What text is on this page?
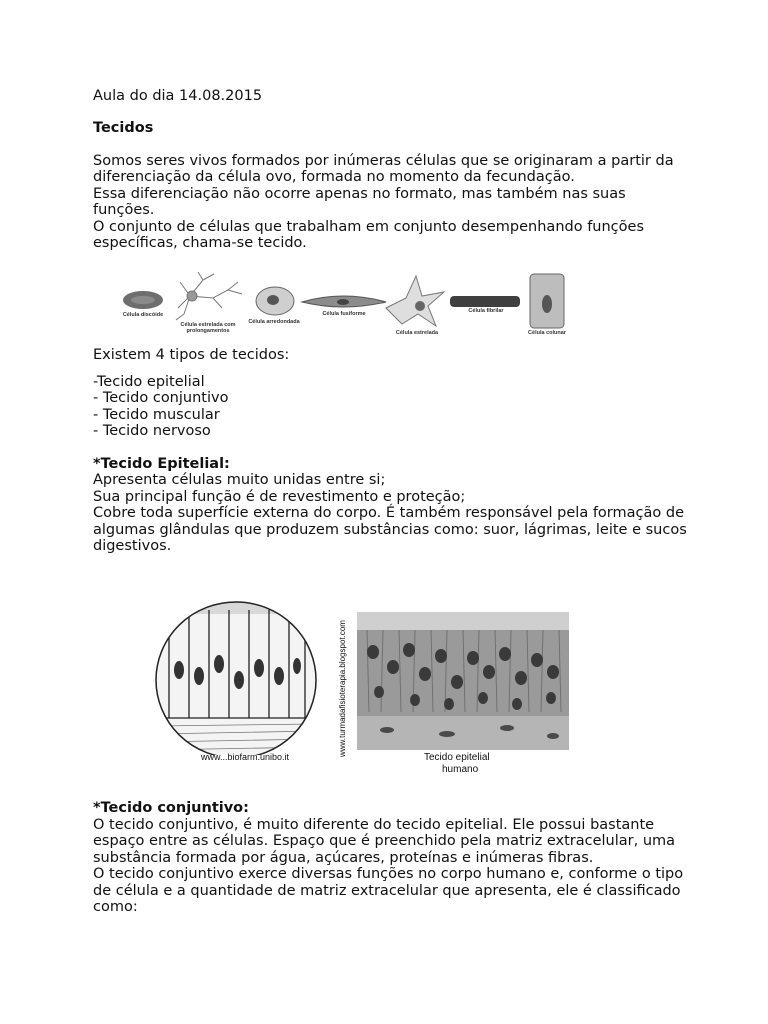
Aula do dia 14.08.2015
Tecidos
Somos seres vivos formados por inúmeras células que se originaram a partir da
diferenciação da célula ovo, formada no momento da fecundação.
Essa diferenciação não ocorre apenas no formato, mas também nas suas
funções.
O conjunto de células que trabalham em conjunto desempenhando funções
específicas, chama-se tecido.
Célula discóide
Célula estrelada com
prolongamentos
Célula arredondada
Célula fusiforme
Célula estrelada
Célula fibrilar
Célula colunar
Existem 4 tipos de tecidos:
-Tecido epitelial
- Tecido conjuntivo
- Tecido muscular
- Tecido nervoso
*Tecido Epitelial:
Apresenta células muito unidas entre si;
Sua principal função é de revestimento e proteção;
Cobre toda superfície externa do corpo. É também responsável pela formação de
algumas glândulas que produzem substâncias como: suor, lágrimas, leite e sucos
digestivos.
www...biofarm.unibo.it	www.turmadafisioterapia.blogspot.com
Tecido epitelial
humano
*Tecido conjuntivo:
O tecido conjuntivo, é muito diferente do tecido epitelial. Ele possui bastante
espaço entre as células. Espaço que é preenchido pela matriz extracelular, uma
substância formada por água, açúcares, proteínas e inúmeras fibras.
O tecido conjuntivo exerce diversas funções no corpo humano e, conforme o tipo
de célula e a quantidade de matriz extracelular que apresenta, ele é classificado
como:
